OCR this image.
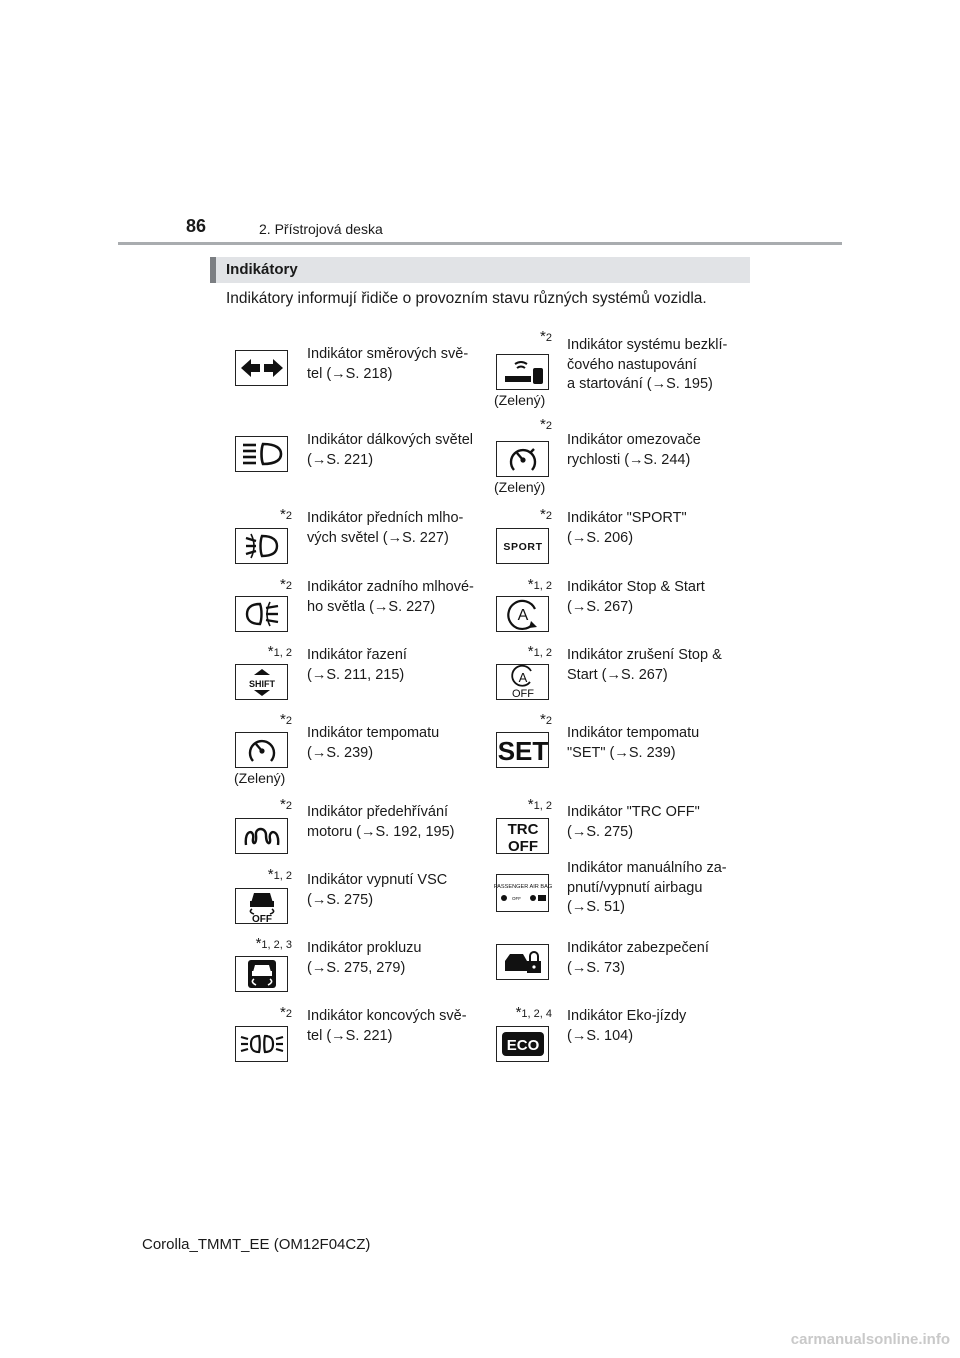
86	2. Přístrojová deska
Indikátory
Indikátory informují řidiče o provozním stavu různých systémů vozidla.
Indikátor směrových svě-
tel (→S. 218)
Indikátor dálkových světel
(→S. 221)
*2 Indikátor předních mlho-
vých světel (→S. 227)
*2 Indikátor zadního mlhové-
ho světla (→S. 227)
*1, 2
SHIFT
Indikátor řazení
(→S. 211, 215)
*2
(Zelený)
Indikátor tempomatu
(→S. 239)
*2 Indikátor předehřívání
motoru (→S. 192, 195)
*1, 2
OFF
Indikátor vypnutí VSC
(→S. 275)
*1, 2, 3 Indikátor prokluzu
(→S. 275, 279)
*2 Indikátor koncových svě-
tel (→S. 221)
*2
(Zelený)
Indikátor systému bezklí-
čového nastupování
a startování (→S. 195)
*2
(Zelený)
Indikátor omezovače
rychlosti (→S. 244)
*2
SPORT
Indikátor "SPORT"
(→S. 206)
*1, 2
A
Indikátor Stop & Start
(→S. 267)
*1, 2
A
OFF
Indikátor zrušení Stop &
Start (→S. 267)
*2
SET
Indikátor tempomatu
"SET" (→S. 239)
*1, 2
TRC
OFF
Indikátor "TRC OFF"
(→S. 275)
PASSENGER AIR BAG
OFF
Indikátor manuálního za-
pnutí/vypnutí airbagu
(→S. 51)
Indikátor zabezpečení
(→S. 73)
*1, 2, 4
ECO
Indikátor Eko-jízdy
(→S. 104)
Corolla_TMMT_EE (OM12F04CZ)
carmanualsonline.info
